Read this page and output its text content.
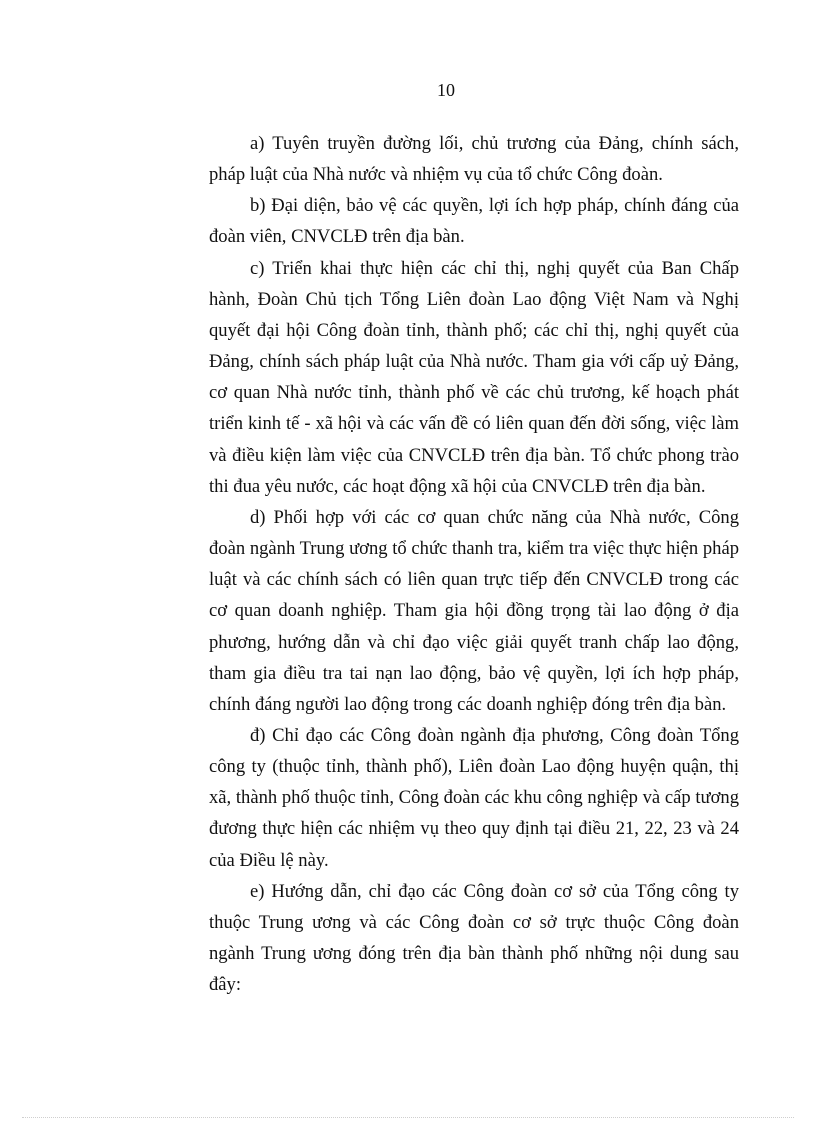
10

a) Tuyên truyền đường lối, chủ trương của Đảng, chính sách, pháp luật của Nhà nước và nhiệm vụ của tổ chức Công đoàn.

b) Đại diện, bảo vệ các quyền, lợi ích hợp pháp, chính đáng của đoàn viên, CNVCLĐ trên địa bàn.

c) Triển khai thực hiện các chỉ thị, nghị quyết của Ban Chấp hành, Đoàn Chủ tịch Tổng Liên đoàn Lao động Việt Nam và Nghị quyết đại hội Công đoàn tỉnh, thành phố; các chỉ thị, nghị quyết của Đảng, chính sách pháp luật của Nhà nước. Tham gia với cấp uỷ Đảng, cơ quan Nhà nước tỉnh, thành phố về các chủ trương, kế hoạch phát triển kinh tế - xã hội và các vấn đề có liên quan đến đời sống, việc làm và điều kiện làm việc của CNVCLĐ trên địa bàn. Tổ chức phong trào thi đua yêu nước, các hoạt động xã hội của CNVCLĐ trên địa bàn.

d) Phối hợp với các cơ quan chức năng của Nhà nước, Công đoàn ngành Trung ương tổ chức thanh tra, kiểm tra việc thực hiện pháp luật và các chính sách có liên quan trực tiếp đến CNVCLĐ trong các cơ quan doanh nghiệp. Tham gia hội đồng trọng tài lao động ở địa phương, hướng dẫn và chỉ đạo việc giải quyết tranh chấp lao động, tham gia điều tra tai nạn lao động, bảo vệ quyền, lợi ích hợp pháp, chính đáng người lao động trong các doanh nghiệp đóng trên địa bàn.

đ) Chỉ đạo các Công đoàn ngành địa phương, Công đoàn Tổng công ty (thuộc tỉnh, thành phố), Liên đoàn Lao động huyện quận, thị xã, thành phố thuộc tỉnh, Công đoàn các khu công nghiệp và cấp tương đương thực hiện các nhiệm vụ theo quy định tại điều 21, 22, 23 và 24 của Điều lệ này.

e) Hướng dẫn, chỉ đạo các Công đoàn cơ sở của Tổng công ty thuộc Trung ương và các Công đoàn cơ sở trực thuộc Công đoàn ngành Trung ương đóng trên địa bàn thành phố những nội dung sau đây:
